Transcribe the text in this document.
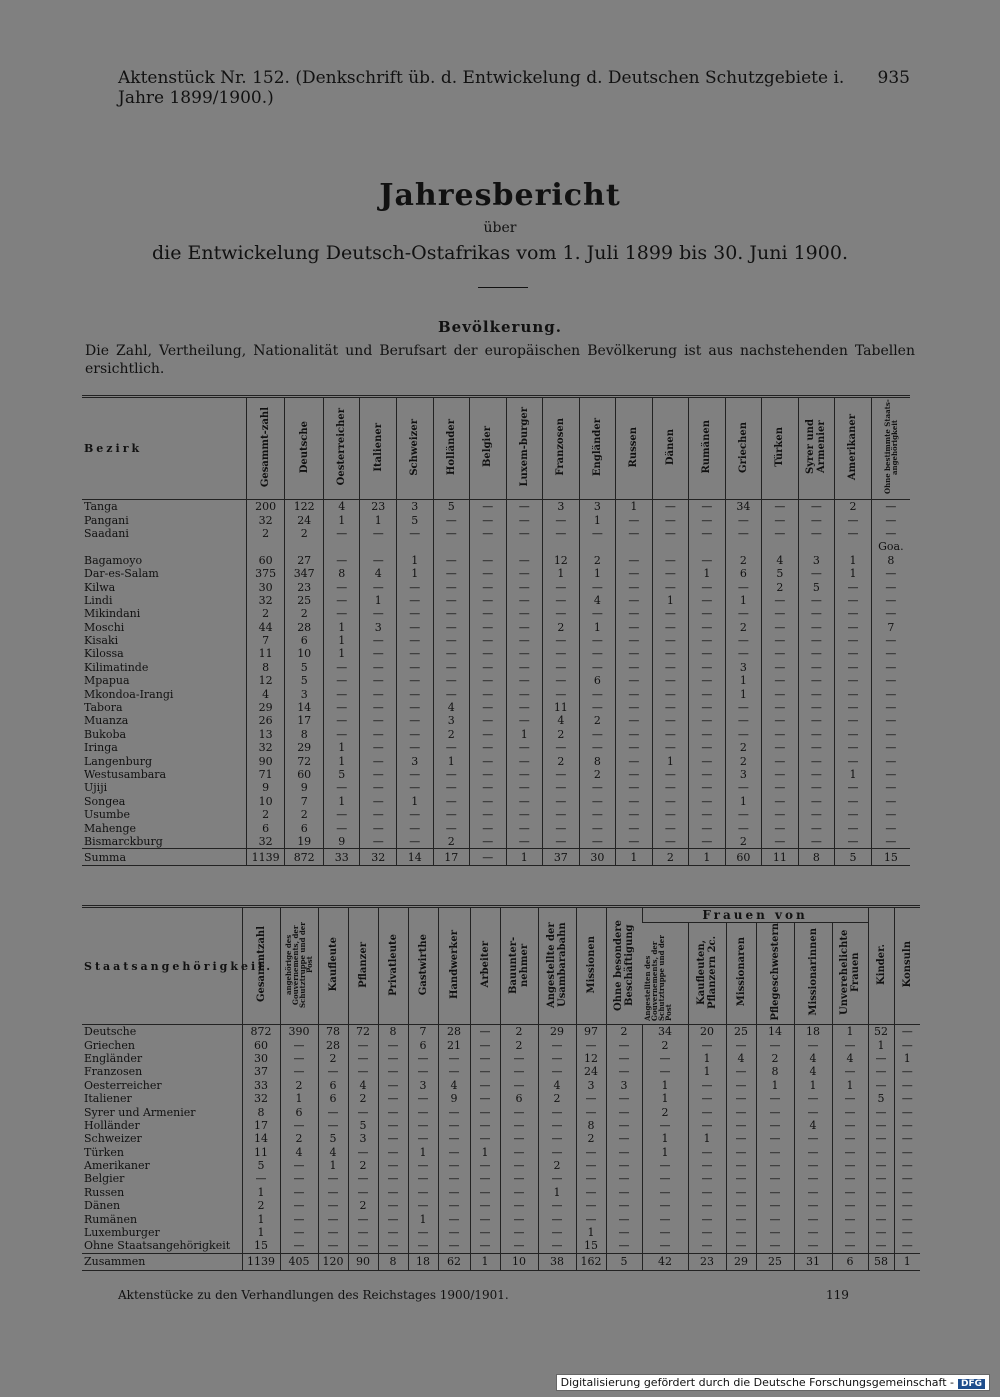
Aktenstück Nr. 152. (Denkschrift üb. d. Entwickelung d. Deutschen Schutzgebiete i. Jahre 1899/1900.)
935
Jahresbericht
über
die Entwickelung Deutsch-Ostafrikas vom 1. Juli 1899 bis 30. Juni 1900.
Bevölkerung.
Die Zahl, Vertheilung, Nationalität und Berufsart der europäischen Bevölkerung ist aus nachstehenden Tabellen ersichtlich.
Bezirk	Gesammt-zahl	Deutsche	Oesterreicher	Italiener	Schweizer	Holländer	Belgier	Luxem-burger	Franzosen	Engländer	Russen	Dänen	Rumänen	Griechen	Türken	Syrer und Armenier	Amerikaner	Ohne bestimmte Staats-angehörigkeit
Tanga	200	122	4	23	3	5	—	—	3	3	1	—	—	34	—	—	2	—
Pangani	32	24	1	1	5	—	—	—	—	1	—	—	—	—	—	—	—	—
Saadani	2	2	—	—	—	—	—	—	—	—	—	—	—	—	—	—	—	—
																		Goa.
Bagamoyo	60	27	—	—	1	—	—	—	12	2	—	—	—	2	4	3	1	8
Dar-es-Salam	375	347	8	4	1	—	—	—	1	1	—	—	1	6	5	—	1	—
Kilwa	30	23	—	—	—	—	—	—	—	—	—	—	—	—	2	5	—	—
Lindi	32	25	—	1	—	—	—	—	—	4	—	1	—	1	—	—	—	—
Mikindani	2	2	—	—	—	—	—	—	—	—	—	—	—	—	—	—	—	—
Moschi	44	28	1	3	—	—	—	—	2	1	—	—	—	2	—	—	—	7
Kisaki	7	6	1	—	—	—	—	—	—	—	—	—	—	—	—	—	—	—
Kilossa	11	10	1	—	—	—	—	—	—	—	—	—	—	—	—	—	—	—
Kilimatinde	8	5	—	—	—	—	—	—	—	—	—	—	—	3	—	—	—	—
Mpapua	12	5	—	—	—	—	—	—	—	6	—	—	—	1	—	—	—	—
Mkondoa-Irangi	4	3	—	—	—	—	—	—	—	—	—	—	—	1	—	—	—	—
Tabora	29	14	—	—	—	4	—	—	11	—	—	—	—	—	—	—	—	—
Muanza	26	17	—	—	—	3	—	—	4	2	—	—	—	—	—	—	—	—
Bukoba	13	8	—	—	—	2	—	1	2	—	—	—	—	—	—	—	—	—
Iringa	32	29	1	—	—	—	—	—	—	—	—	—	—	2	—	—	—	—
Langenburg	90	72	1	—	3	1	—	—	2	8	—	1	—	2	—	—	—	—
Westusambara	71	60	5	—	—	—	—	—	—	2	—	—	—	3	—	—	1	—
Ujiji	9	9	—	—	—	—	—	—	—	—	—	—	—	—	—	—	—	—
Songea	10	7	1	—	1	—	—	—	—	—	—	—	—	1	—	—	—	—
Usumbe	2	2	—	—	—	—	—	—	—	—	—	—	—	—	—	—	—	—
Mahenge	6	6	—	—	—	—	—	—	—	—	—	—	—	—	—	—	—	—
Bismarckburg	32	19	9	—	—	2	—	—	—	—	—	—	—	2	—	—	—	—
Summa	1139	872	33	32	14	17	—	1	37	30	1	2	1	60	11	8	5	15
Staatsangehörigkeit.	Gesammtzahl	angehörige des Gouvernements, der Schutztruppe und der Post	Kaufleute	Pflanzer	Privatleute	Gastwirthe	Handwerker	Arbeiter	Bauunter-nehmer	Angestellte der Usambarabahn	Missionen	Ohne besondere Beschäftigung	Frauen von						Kinder.	Konsuln
													Angestellten des Gouvernements, der Schutztruppe und der Post	Kaufleuten, Pflanzern 2c.	Missionaren	Pflegeschwestern	Missionarinnen	Unverehelichte Frauen		
Deutsche	872	390	78	72	8	7	28	—	2	29	97	2	34	20	25	14	18	1	52	—
Griechen	60	—	28	—	—	6	21	—	2	—	—	—	2	—	—	—	—	—	1	—
Engländer	30	—	2	—	—	—	—	—	—	—	12	—	—	1	4	2	4	4	—	1
Franzosen	37	—	—	—	—	—	—	—	—	—	24	—	—	1	—	8	4	—	—	—
Oesterreicher	33	2	6	4	—	3	4	—	—	4	3	3	1	—	—	1	1	1	—	—
Italiener	32	1	6	2	—	—	9	—	6	2	—	—	1	—	—	—	—	—	5	—
Syrer und Armenier	8	6	—	—	—	—	—	—	—	—	—	—	2	—	—	—	—	—	—	—
Holländer	17	—	—	5	—	—	—	—	—	—	8	—	—	—	—	—	4	—	—	—
Schweizer	14	2	5	3	—	—	—	—	—	—	2	—	1	1	—	—	—	—	—	—
Türken	11	4	4	—	—	1	—	1	—	—	—	—	1	—	—	—	—	—	—	—
Amerikaner	5	—	1	2	—	—	—	—	—	2	—	—	—	—	—	—	—	—	—	—
Belgier	—	—	—	—	—	—	—	—	—	—	—	—	—	—	—	—	—	—	—	—
Russen	1	—	—	—	—	—	—	—	—	1	—	—	—	—	—	—	—	—	—	—
Dänen	2	—	—	2	—	—	—	—	—	—	—	—	—	—	—	—	—	—	—	—
Rumänen	1	—	—	—	—	1	—	—	—	—	—	—	—	—	—	—	—	—	—	—
Luxemburger	1	—	—	—	—	—	—	—	—	—	1	—	—	—	—	—	—	—	—	—
Ohne Staatsangehörigkeit	15	—	—	—	—	—	—	—	—	—	15	—	—	—	—	—	—	—	—	—
Zusammen	1139	405	120	90	8	18	62	1	10	38	162	5	42	23	29	25	31	6	58	1
Aktenstücke zu den Verhandlungen des Reichstages 1900/1901.	119
Digitalisierung gefördert durch die Deutsche Forschungsgemeinschaft - DFG
